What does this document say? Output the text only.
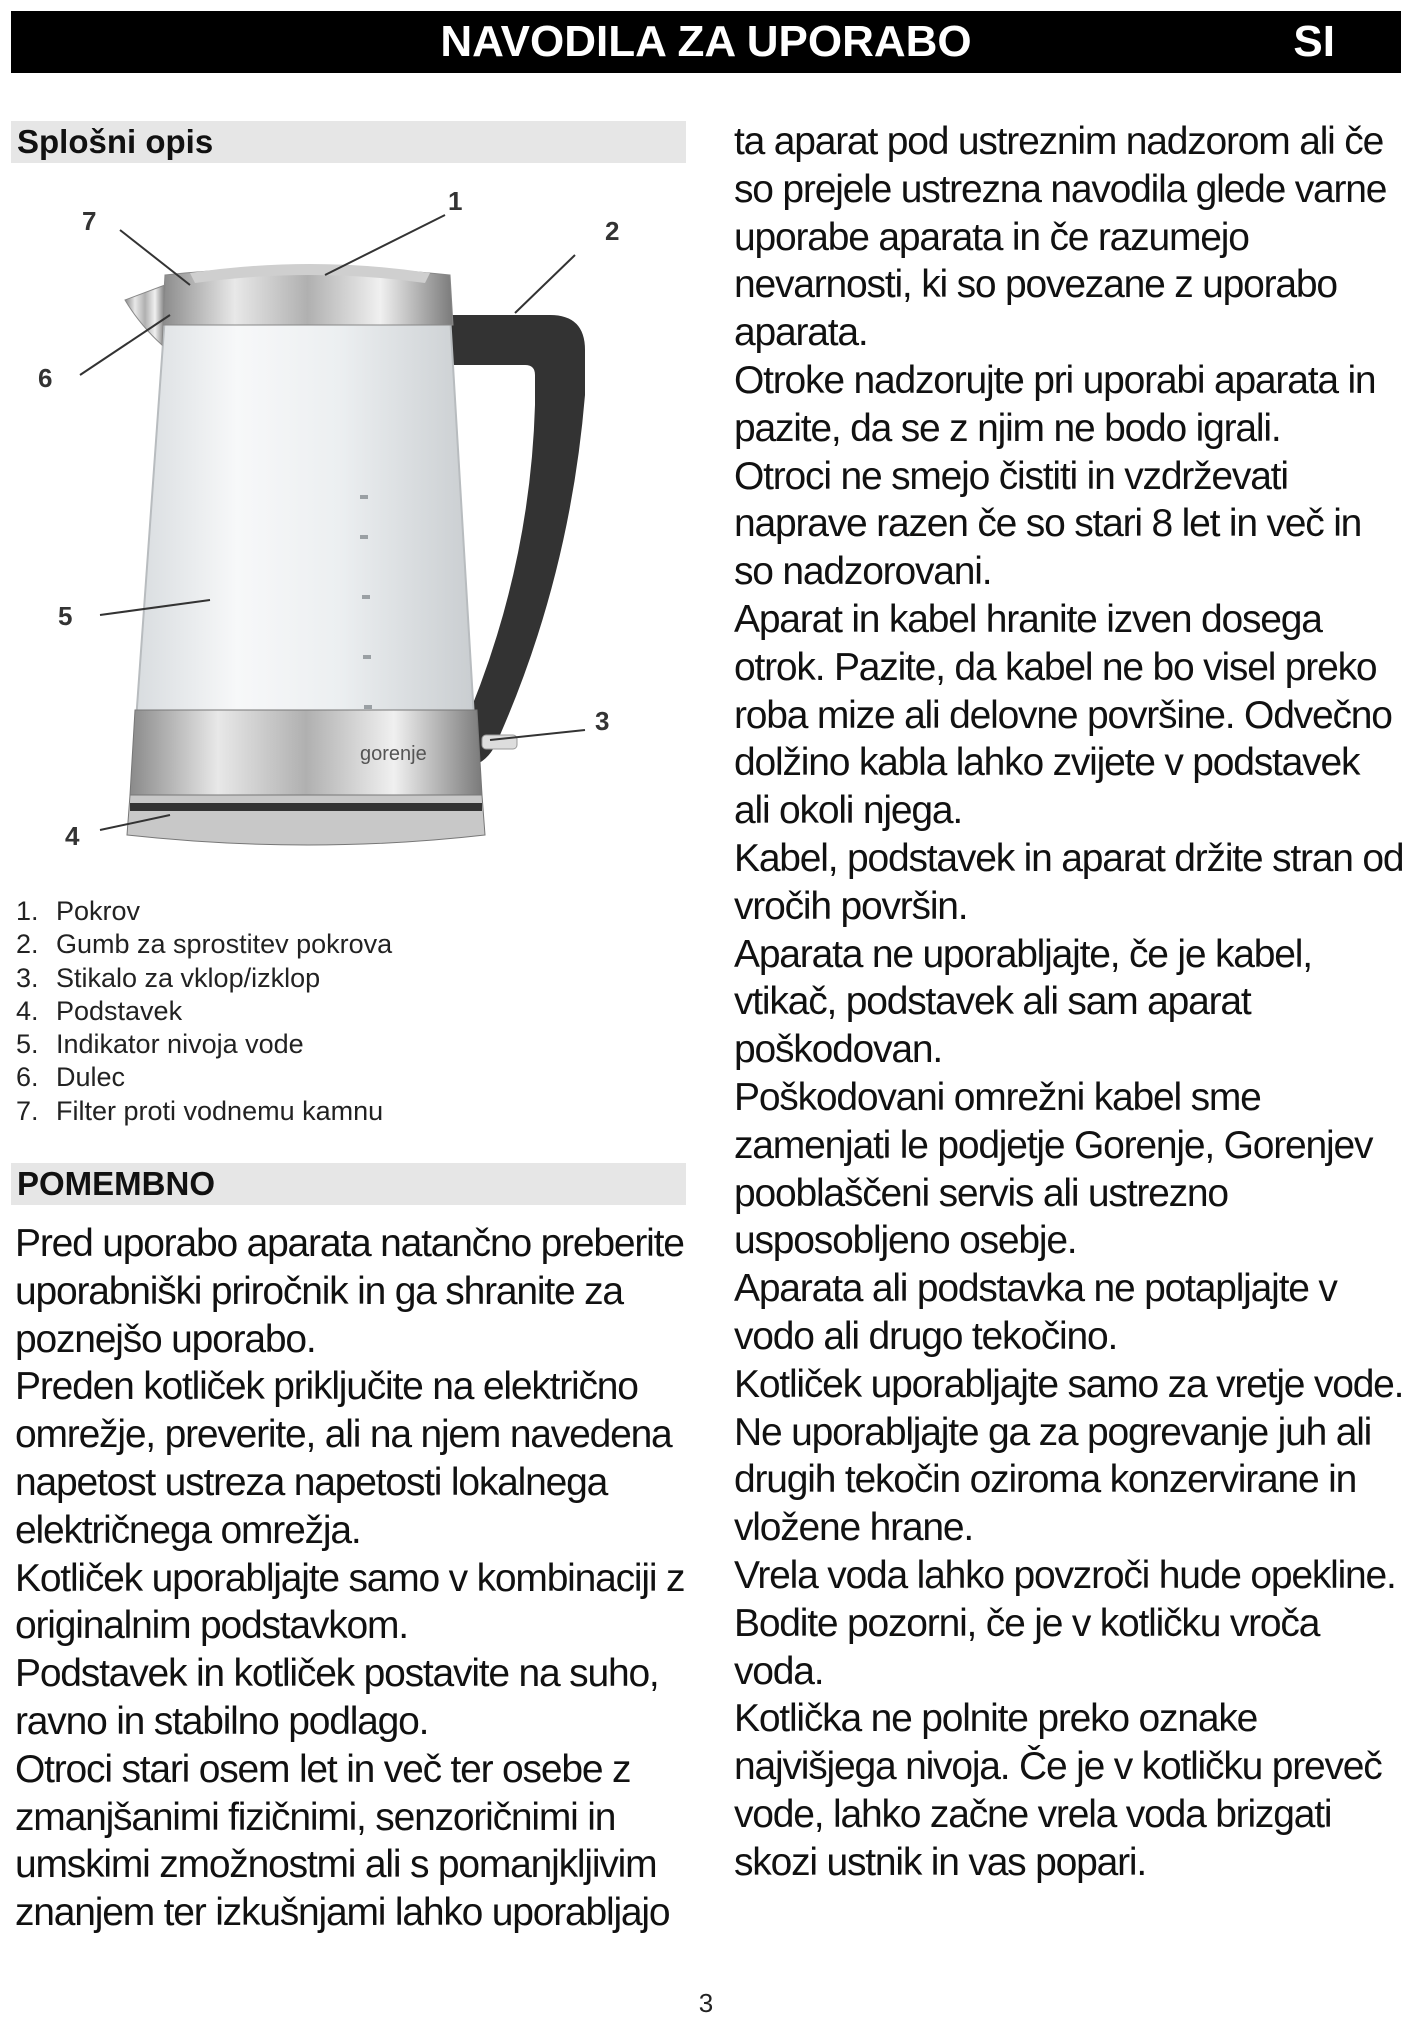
NAVODILA ZA UPORABO	SI
Splošni opis
gorenje
1
2
3
4
5
6
7
1. Pokrov
2. Gumb za sprostitev pokrova
3. Stikalo za vklop/izklop
4. Podstavek
5. Indikator nivoja vode
6. Dulec
7. Filter proti vodnemu kamnu
POMEMBNO

Pred uporabo aparata natančno preberite uporabniški priročnik in ga shranite za poznejšo uporabo.

Preden kotliček priključite na električno omrežje, preverite, ali na njem navedena napetost ustreza napetosti lokalnega električnega omrežja.

Kotliček uporabljajte samo v kombinaciji z originalnim podstavkom.

Podstavek in kotliček postavite na suho, ravno in stabilno podlago.

Otroci stari osem let in več ter osebe z zmanjšanimi fizičnimi, senzoričnimi in umskimi zmožnostmi ali s pomanjkljivim znanjem ter izkušnjami lahko uporabljajo

ta aparat pod ustreznim nadzorom ali če so prejele ustrezna navodila glede varne uporabe aparata in če razumejo nevarnosti, ki so povezane z uporabo aparata.

Otroke nadzorujte pri uporabi aparata in pazite, da se z njim ne bodo igrali.

Otroci ne smejo čistiti in vzdrževati naprave razen če so stari 8 let in več in so nadzorovani.

Aparat in kabel hranite izven dosega otrok. Pazite, da kabel ne bo visel preko roba mize ali delovne površine. Odvečno dolžino kabla lahko zvijete v podstavek ali okoli njega.

Kabel, podstavek in aparat držite stran od vročih površin.

Aparata ne uporabljajte, če je kabel, vtikač, podstavek ali sam aparat poškodovan.

Poškodovani omrežni kabel sme zamenjati le podjetje Gorenje, Gorenjev pooblaščeni servis ali ustrezno usposobljeno osebje.

Aparata ali podstavka ne potapljajte v vodo ali drugo tekočino.

Kotliček uporabljajte samo za vretje vode. Ne uporabljajte ga za pogrevanje juh ali drugih tekočin oziroma konzervirane in vložene hrane.

Vrela voda lahko povzroči hude opekline.

Bodite pozorni, če je v kotličku vroča voda.

Kotlička ne polnite preko oznake najvišjega nivoja. Če je v kotličku preveč vode, lahko začne vrela voda brizgati skozi ustnik in vas popari.

3
